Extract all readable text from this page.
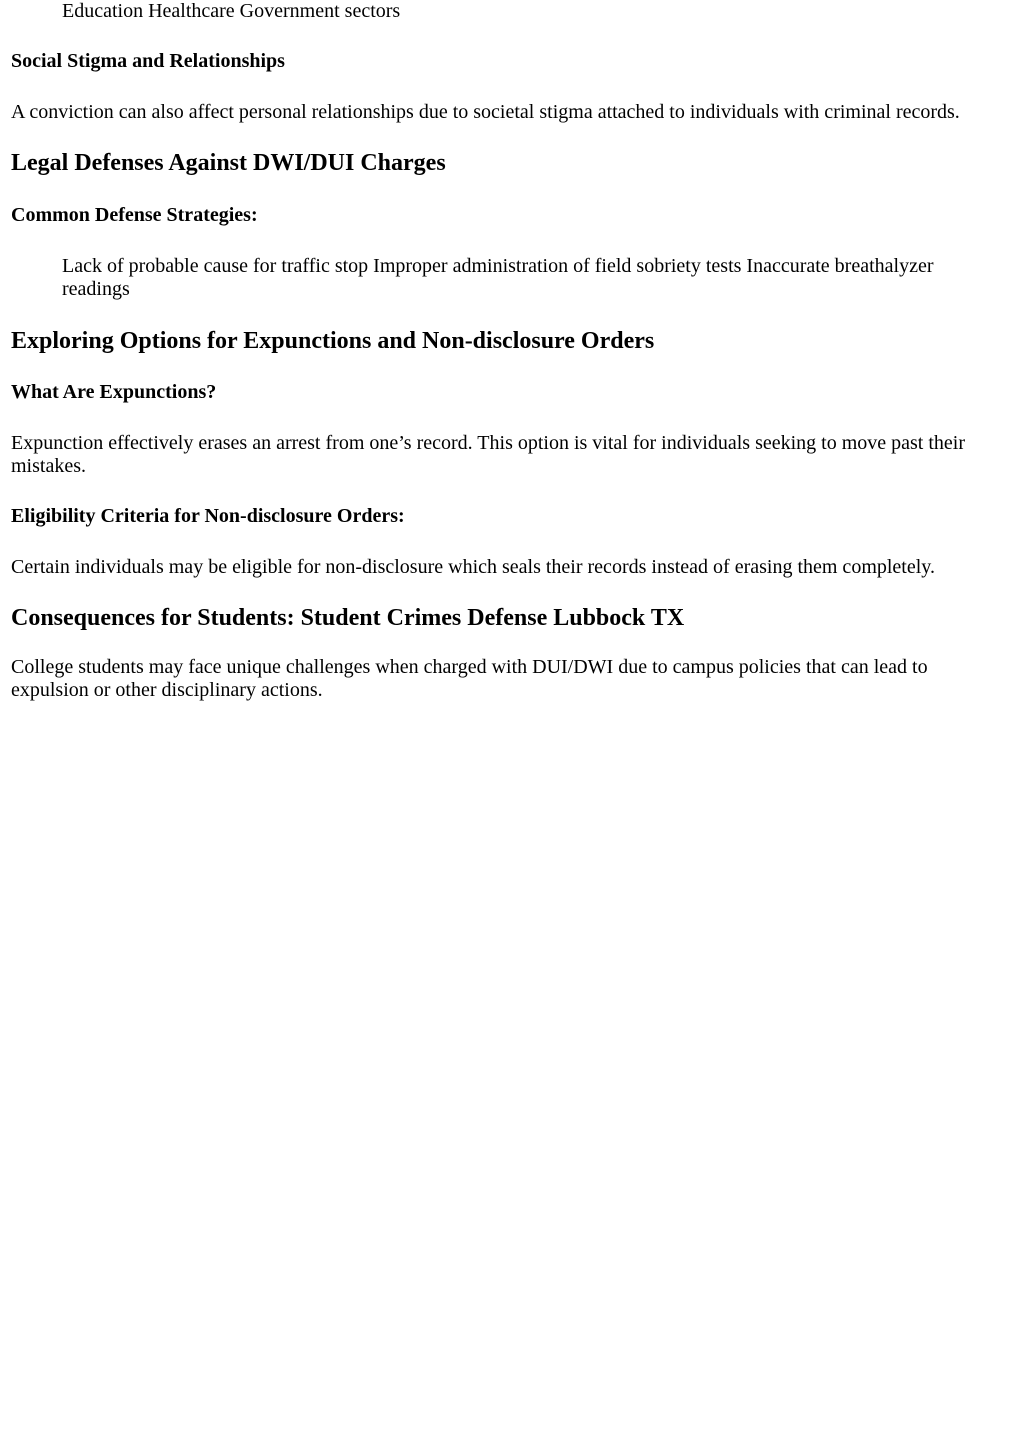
Education Healthcare Government sectors

Social Stigma and Relationships

A conviction can also affect personal relationships due to societal stigma attached to individuals with criminal records.

Legal Defenses Against DWI/DUI Charges
Common Defense Strategies:

Lack of probable cause for traffic stop Improper administration of field sobriety tests Inaccurate breathalyzer readings

Exploring Options for Expunctions and Non-disclosure Orders
What Are Expunctions?

Expunction effectively erases an arrest from one’s record. This option is vital for individuals seeking to move past their mistakes.

Eligibility Criteria for Non-disclosure Orders:

Certain individuals may be eligible for non-disclosure which seals their records instead of erasing them completely.

Consequences for Students: Student Crimes Defense Lubbock TX

College students may face unique challenges when charged with DUI/DWI due to campus policies that can lead to expulsion or other disciplinary actions.
